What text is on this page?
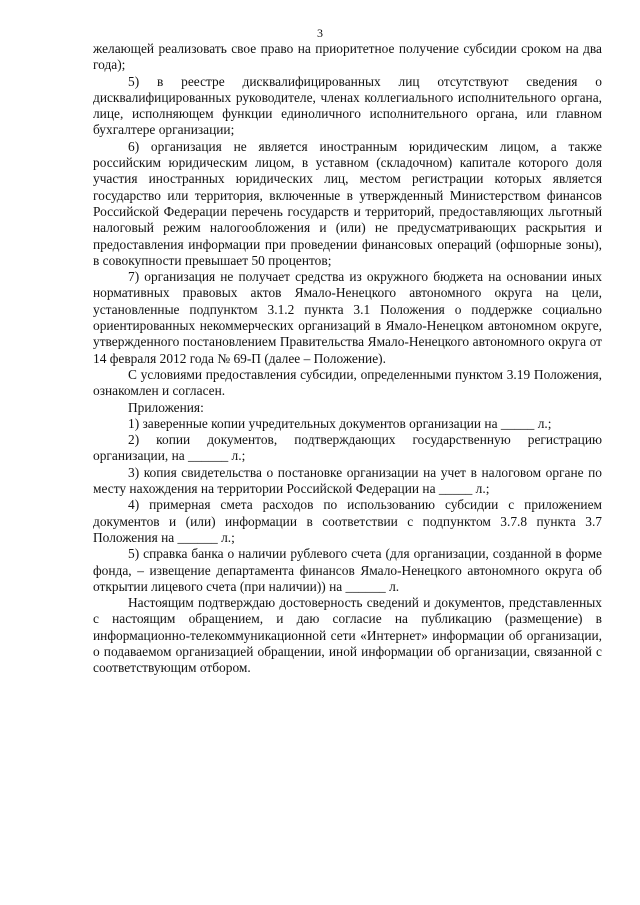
3

желающей реализовать свое право на приоритетное получение субсидии сроком на два года);

5) в реестре дисквалифицированных лиц отсутствуют сведения о дисквалифицированных руководителе, членах коллегиального исполнительного органа, лице, исполняющем функции единоличного исполнительного органа, или главном бухгалтере организации;

6) организация не является иностранным юридическим лицом, а также российским юридическим лицом, в уставном (складочном) капитале которого доля участия иностранных юридических лиц, местом регистрации которых является государство или территория, включенные в утвержденный Министерством финансов Российской Федерации перечень государств и территорий, предоставляющих льготный налоговый режим налогообложения и (или) не предусматривающих раскрытия и предоставления информации при проведении финансовых операций (офшорные зоны), в совокупности превышает 50 процентов;

7) организация не получает средства из окружного бюджета на основании иных нормативных правовых актов Ямало-Ненецкого автономного округа на цели, установленные подпунктом 3.1.2 пункта 3.1 Положения о поддержке социально ориентированных некоммерческих организаций в Ямало-Ненецком автономном округе, утвержденного постановлением Правительства Ямало-Ненецкого автономного округа от 14 февраля 2012 года № 69-П (далее – Положение).

С условиями предоставления субсидии, определенными пунктом 3.19 Положения, ознакомлен и согласен.

Приложения:

1) заверенные копии учредительных документов организации на _____ л.;

2) копии документов, подтверждающих государственную регистрацию организации, на ______ л.;

3) копия свидетельства о постановке организации на учет в налоговом органе по месту нахождения на территории Российской Федерации на _____ л.;

4) примерная смета расходов по использованию субсидии с приложением документов и (или) информации в соответствии с подпунктом 3.7.8 пункта 3.7 Положения на ______ л.;

5) справка банка о наличии рублевого счета (для организации, созданной в форме фонда, – извещение департамента финансов Ямало-Ненецкого автономного округа об открытии лицевого счета (при наличии)) на ______ л.

Настоящим подтверждаю достоверность сведений и документов, представленных с настоящим обращением, и даю согласие на публикацию (размещение) в информационно-телекоммуникационной сети «Интернет» информации об организации, о подаваемом организацией обращении, иной информации об организации, связанной с соответствующим отбором.
